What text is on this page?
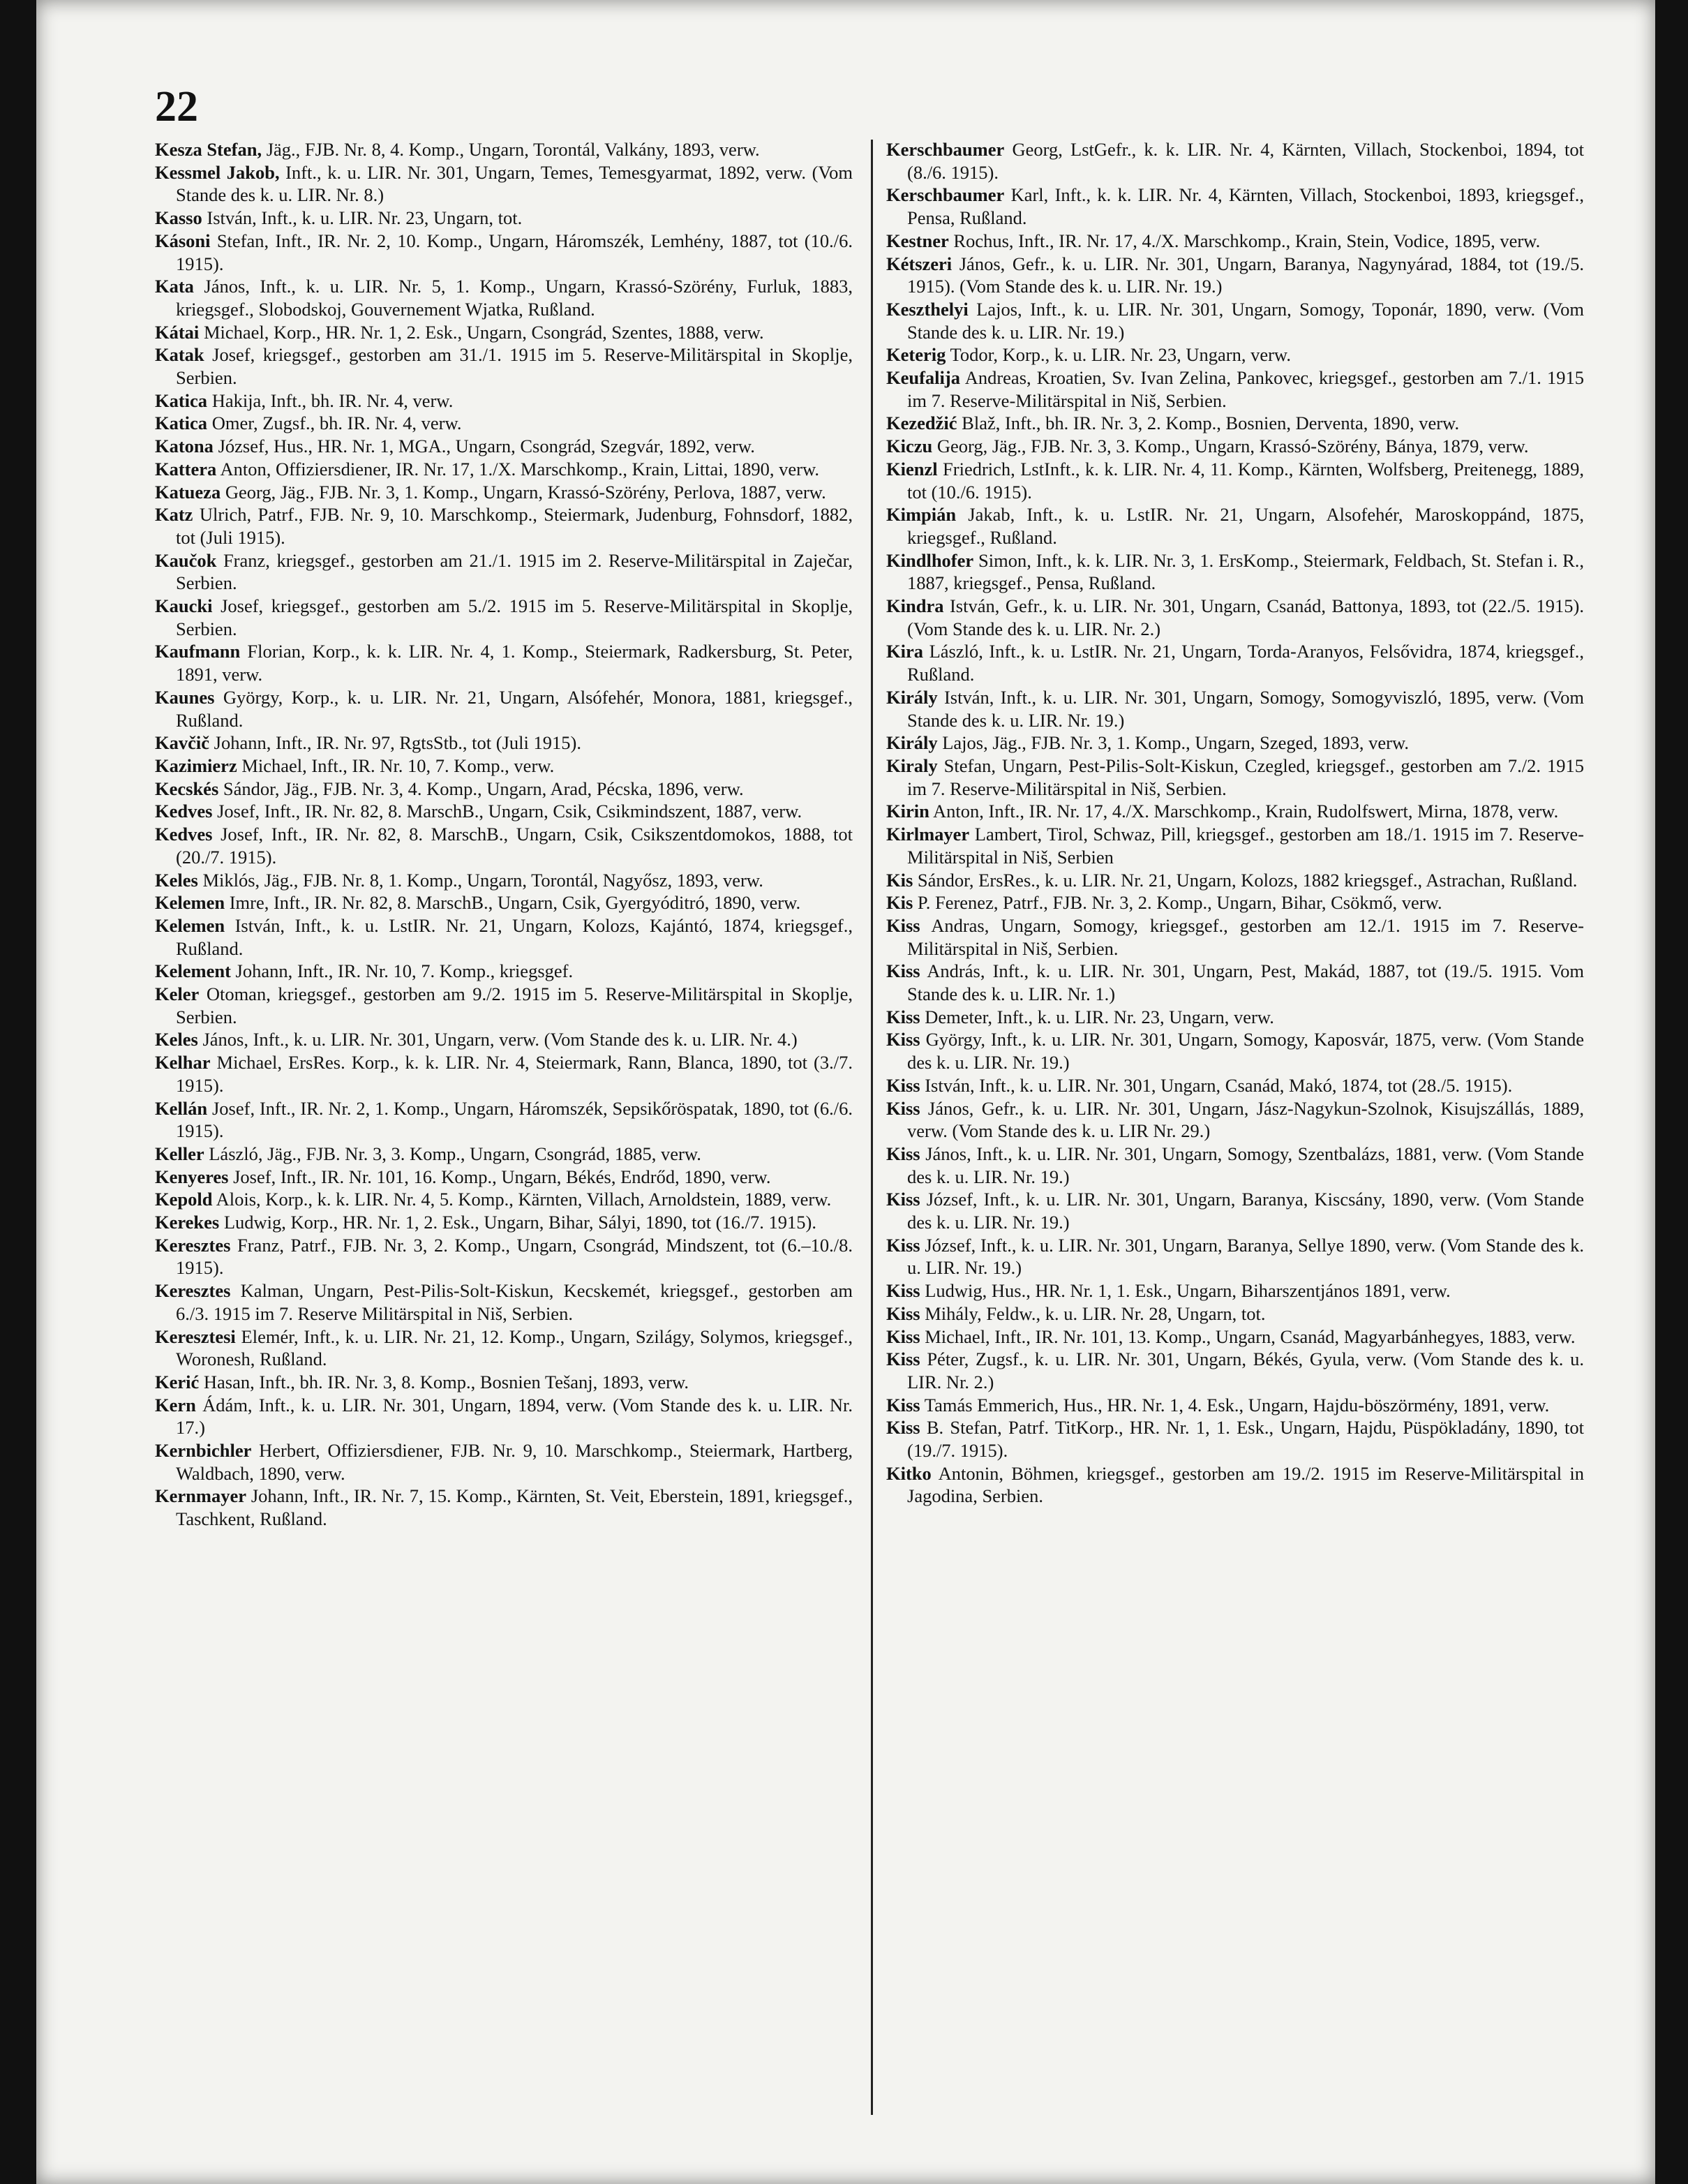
22

Kesza Stefan, Jäg., FJB. Nr. 8, 4. Komp., Ungarn, Torontál, Valkány, 1893, verw.

Kessmel Jakob, Inft., k. u. LIR. Nr. 301, Ungarn, Temes, Temesgyarmat, 1892, verw. (Vom Stande des k. u. LIR. Nr. 8.)

Kasso István, Inft., k. u. LIR. Nr. 23, Ungarn, tot.

Kásoni Stefan, Inft., IR. Nr. 2, 10. Komp., Ungarn, Háromszék, Lemhény, 1887, tot (10./6. 1915).

Kata János, Inft., k. u. LIR. Nr. 5, 1. Komp., Ungarn, Krassó-Szörény, Furluk, 1883, kriegsgef., Slobodskoj, Gouvernement Wjatka, Rußland.

Kátai Michael, Korp., HR. Nr. 1, 2. Esk., Ungarn, Csongrád, Szentes, 1888, verw.

Katak Josef, kriegsgef., gestorben am 31./1. 1915 im 5. Reserve-Militärspital in Skoplje, Serbien.

Katica Hakija, Inft., bh. IR. Nr. 4, verw.

Katica Omer, Zugsf., bh. IR. Nr. 4, verw.

Katona József, Hus., HR. Nr. 1, MGA., Ungarn, Csongrád, Szegvár, 1892, verw.

Kattera Anton, Offiziersdiener, IR. Nr. 17, 1./X. Marschkomp., Krain, Littai, 1890, verw.

Katueza Georg, Jäg., FJB. Nr. 3, 1. Komp., Ungarn, Krassó-Szörény, Perlova, 1887, verw.

Katz Ulrich, Patrf., FJB. Nr. 9, 10. Marschkomp., Steiermark, Judenburg, Fohnsdorf, 1882, tot (Juli 1915).

Kaučok Franz, kriegsgef., gestorben am 21./1. 1915 im 2. Reserve-Militärspital in Zaječar, Serbien.

Kaucki Josef, kriegsgef., gestorben am 5./2. 1915 im 5. Reserve-Militärspital in Skoplje, Serbien.

Kaufmann Florian, Korp., k. k. LIR. Nr. 4, 1. Komp., Steiermark, Radkersburg, St. Peter, 1891, verw.

Kaunes György, Korp., k. u. LIR. Nr. 21, Ungarn, Alsófehér, Monora, 1881, kriegsgef., Rußland.

Kavčič Johann, Inft., IR. Nr. 97, RgtsStb., tot (Juli 1915).

Kazimierz Michael, Inft., IR. Nr. 10, 7. Komp., verw.

Kecskés Sándor, Jäg., FJB. Nr. 3, 4. Komp., Ungarn, Arad, Pécska, 1896, verw.

Kedves Josef, Inft., IR. Nr. 82, 8. MarschB., Ungarn, Csik, Csikmindszent, 1887, verw.

Kedves Josef, Inft., IR. Nr. 82, 8. MarschB., Ungarn, Csik, Csikszentdomokos, 1888, tot (20./7. 1915).

Keles Miklós, Jäg., FJB. Nr. 8, 1. Komp., Ungarn, Torontál, Nagyősz, 1893, verw.

Kelemen Imre, Inft., IR. Nr. 82, 8. MarschB., Ungarn, Csik, Gyergyóditró, 1890, verw.

Kelemen István, Inft., k. u. LstIR. Nr. 21, Ungarn, Kolozs, Kajántó, 1874, kriegsgef., Rußland.

Kelement Johann, Inft., IR. Nr. 10, 7. Komp., kriegsgef.

Keler Otoman, kriegsgef., gestorben am 9./2. 1915 im 5. Reserve-Militärspital in Skoplje, Serbien.

Keles János, Inft., k. u. LIR. Nr. 301, Ungarn, verw. (Vom Stande des k. u. LIR. Nr. 4.)

Kelhar Michael, ErsRes. Korp., k. k. LIR. Nr. 4, Steiermark, Rann, Blanca, 1890, tot (3./7. 1915).

Kellán Josef, Inft., IR. Nr. 2, 1. Komp., Ungarn, Háromszék, Sepsikőröspatak, 1890, tot (6./6. 1915).

Keller László, Jäg., FJB. Nr. 3, 3. Komp., Ungarn, Csongrád, 1885, verw.

Kenyeres Josef, Inft., IR. Nr. 101, 16. Komp., Ungarn, Békés, Endrőd, 1890, verw.

Kepold Alois, Korp., k. k. LIR. Nr. 4, 5. Komp., Kärnten, Villach, Arnoldstein, 1889, verw.

Kerekes Ludwig, Korp., HR. Nr. 1, 2. Esk., Ungarn, Bihar, Sályi, 1890, tot (16./7. 1915).

Keresztes Franz, Patrf., FJB. Nr. 3, 2. Komp., Ungarn, Csongrád, Mindszent, tot (6.–10./8. 1915).

Keresztes Kalman, Ungarn, Pest-Pilis-Solt-Kiskun, Kecskemét, kriegsgef., gestorben am 6./3. 1915 im 7. Reserve Militärspital in Niš, Serbien.

Keresztesi Elemér, Inft., k. u. LIR. Nr. 21, 12. Komp., Ungarn, Szilágy, Solymos, kriegsgef., Woronesh, Rußland.

Kerić Hasan, Inft., bh. IR. Nr. 3, 8. Komp., Bosnien Tešanj, 1893, verw.

Kern Ádám, Inft., k. u. LIR. Nr. 301, Ungarn, 1894, verw. (Vom Stande des k. u. LIR. Nr. 17.)

Kernbichler Herbert, Offiziersdiener, FJB. Nr. 9, 10. Marschkomp., Steiermark, Hartberg, Waldbach, 1890, verw.

Kernmayer Johann, Inft., IR. Nr. 7, 15. Komp., Kärnten, St. Veit, Eberstein, 1891, kriegsgef., Taschkent, Rußland.

Kerschbaumer Georg, LstGefr., k. k. LIR. Nr. 4, Kärnten, Villach, Stockenboi, 1894, tot (8./6. 1915).

Kerschbaumer Karl, Inft., k. k. LIR. Nr. 4, Kärnten, Villach, Stockenboi, 1893, kriegsgef., Pensa, Rußland.

Kestner Rochus, Inft., IR. Nr. 17, 4./X. Marschkomp., Krain, Stein, Vodice, 1895, verw.

Kétszeri János, Gefr., k. u. LIR. Nr. 301, Ungarn, Baranya, Nagynyárad, 1884, tot (19./5. 1915). (Vom Stande des k. u. LIR. Nr. 19.)

Keszthelyi Lajos, Inft., k. u. LIR. Nr. 301, Ungarn, Somogy, Toponár, 1890, verw. (Vom Stande des k. u. LIR. Nr. 19.)

Keterig Todor, Korp., k. u. LIR. Nr. 23, Ungarn, verw.

Keufalija Andreas, Kroatien, Sv. Ivan Zelina, Pankovec, kriegsgef., gestorben am 7./1. 1915 im 7. Reserve-Militärspital in Niš, Serbien.

Kezedžić Blaž, Inft., bh. IR. Nr. 3, 2. Komp., Bosnien, Derventa, 1890, verw.

Kiczu Georg, Jäg., FJB. Nr. 3, 3. Komp., Ungarn, Krassó-Szörény, Bánya, 1879, verw.

Kienzl Friedrich, LstInft., k. k. LIR. Nr. 4, 11. Komp., Kärnten, Wolfsberg, Preitenegg, 1889, tot (10./6. 1915).

Kimpián Jakab, Inft., k. u. LstIR. Nr. 21, Ungarn, Alsofehér, Maroskoppánd, 1875, kriegsgef., Rußland.

Kindlhofer Simon, Inft., k. k. LIR. Nr. 3, 1. ErsKomp., Steiermark, Feldbach, St. Stefan i. R., 1887, kriegsgef., Pensa, Rußland.

Kindra István, Gefr., k. u. LIR. Nr. 301, Ungarn, Csanád, Battonya, 1893, tot (22./5. 1915). (Vom Stande des k. u. LIR. Nr. 2.)

Kira László, Inft., k. u. LstIR. Nr. 21, Ungarn, Torda-Aranyos, Felsővidra, 1874, kriegsgef., Rußland.

Király István, Inft., k. u. LIR. Nr. 301, Ungarn, Somogy, Somogyviszló, 1895, verw. (Vom Stande des k. u. LIR. Nr. 19.)

Király Lajos, Jäg., FJB. Nr. 3, 1. Komp., Ungarn, Szeged, 1893, verw.

Kiraly Stefan, Ungarn, Pest-Pilis-Solt-Kiskun, Czegled, kriegsgef., gestorben am 7./2. 1915 im 7. Reserve-Militärspital in Niš, Serbien.

Kirin Anton, Inft., IR. Nr. 17, 4./X. Marschkomp., Krain, Rudolfswert, Mirna, 1878, verw.

Kirlmayer Lambert, Tirol, Schwaz, Pill, kriegsgef., gestorben am 18./1. 1915 im 7. Reserve-Militärspital in Niš, Serbien

Kis Sándor, ErsRes., k. u. LIR. Nr. 21, Ungarn, Kolozs, 1882 kriegsgef., Astrachan, Rußland.

Kis P. Ferenez, Patrf., FJB. Nr. 3, 2. Komp., Ungarn, Bihar, Csökmő, verw.

Kiss Andras, Ungarn, Somogy, kriegsgef., gestorben am 12./1. 1915 im 7. Reserve-Militärspital in Niš, Serbien.

Kiss András, Inft., k. u. LIR. Nr. 301, Ungarn, Pest, Makád, 1887, tot (19./5. 1915. Vom Stande des k. u. LIR. Nr. 1.)

Kiss Demeter, Inft., k. u. LIR. Nr. 23, Ungarn, verw.

Kiss György, Inft., k. u. LIR. Nr. 301, Ungarn, Somogy, Kaposvár, 1875, verw. (Vom Stande des k. u. LIR. Nr. 19.)

Kiss István, Inft., k. u. LIR. Nr. 301, Ungarn, Csanád, Makó, 1874, tot (28./5. 1915).

Kiss János, Gefr., k. u. LIR. Nr. 301, Ungarn, Jász-Nagykun-Szolnok, Kisujszállás, 1889, verw. (Vom Stande des k. u. LIR Nr. 29.)

Kiss János, Inft., k. u. LIR. Nr. 301, Ungarn, Somogy, Szentbalázs, 1881, verw. (Vom Stande des k. u. LIR. Nr. 19.)

Kiss József, Inft., k. u. LIR. Nr. 301, Ungarn, Baranya, Kiscsány, 1890, verw. (Vom Stande des k. u. LIR. Nr. 19.)

Kiss József, Inft., k. u. LIR. Nr. 301, Ungarn, Baranya, Sellye 1890, verw. (Vom Stande des k. u. LIR. Nr. 19.)

Kiss Ludwig, Hus., HR. Nr. 1, 1. Esk., Ungarn, Biharszentjános 1891, verw.

Kiss Mihály, Feldw., k. u. LIR. Nr. 28, Ungarn, tot.

Kiss Michael, Inft., IR. Nr. 101, 13. Komp., Ungarn, Csanád, Magyarbánhegyes, 1883, verw.

Kiss Péter, Zugsf., k. u. LIR. Nr. 301, Ungarn, Békés, Gyula, verw. (Vom Stande des k. u. LIR. Nr. 2.)

Kiss Tamás Emmerich, Hus., HR. Nr. 1, 4. Esk., Ungarn, Hajdu-böszörmény, 1891, verw.

Kiss B. Stefan, Patrf. TitKorp., HR. Nr. 1, 1. Esk., Ungarn, Hajdu, Püspökladány, 1890, tot (19./7. 1915).

Kitko Antonin, Böhmen, kriegsgef., gestorben am 19./2. 1915 im Reserve-Militärspital in Jagodina, Serbien.
